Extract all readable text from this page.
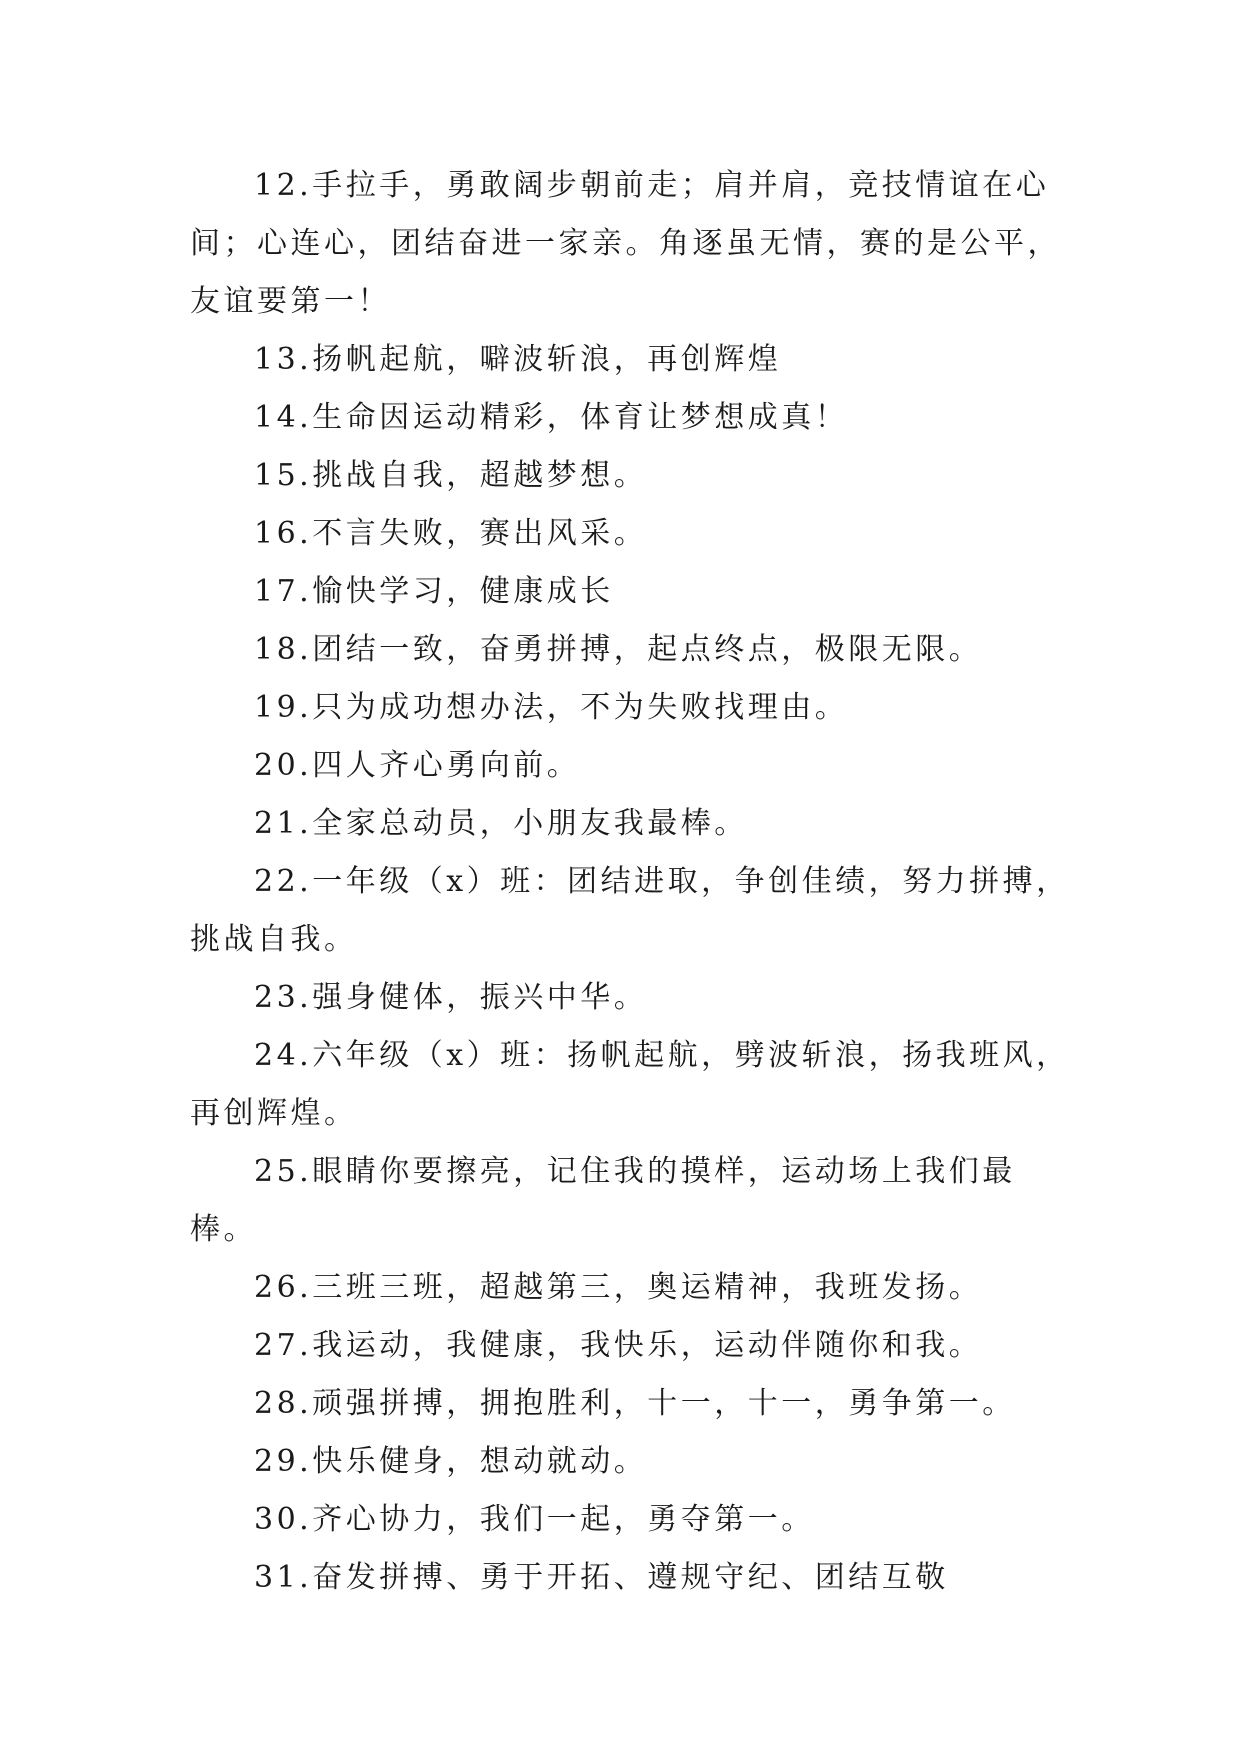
12.手拉手，勇敢阔步朝前走；肩并肩，竞技情谊在心间；心连心，团结奋进一家亲。角逐虽无情，赛的是公平，友谊要第一！

13.扬帆起航，噼波斩浪，再创辉煌

14.生命因运动精彩，体育让梦想成真！

15.挑战自我，超越梦想。

16.不言失败，赛出风采。

17.愉快学习，健康成长

18.团结一致，奋勇拼搏，起点终点，极限无限。

19.只为成功想办法，不为失败找理由。

20.四人齐心勇向前。

21.全家总动员，小朋友我最棒。

22.一年级（x）班：团结进取，争创佳绩，努力拼搏，挑战自我。

23.强身健体，振兴中华。

24.六年级（x）班：扬帆起航，劈波斩浪，扬我班风，再创辉煌。

25.眼睛你要擦亮，记住我的摸样，运动场上我们最棒。

26.三班三班，超越第三，奥运精神，我班发扬。

27.我运动，我健康，我快乐，运动伴随你和我。

28.顽强拼搏，拥抱胜利，十一，十一，勇争第一。

29.快乐健身，想动就动。

30.齐心协力，我们一起，勇夺第一。

31.奋发拼搏、勇于开拓、遵规守纪、团结互敬
